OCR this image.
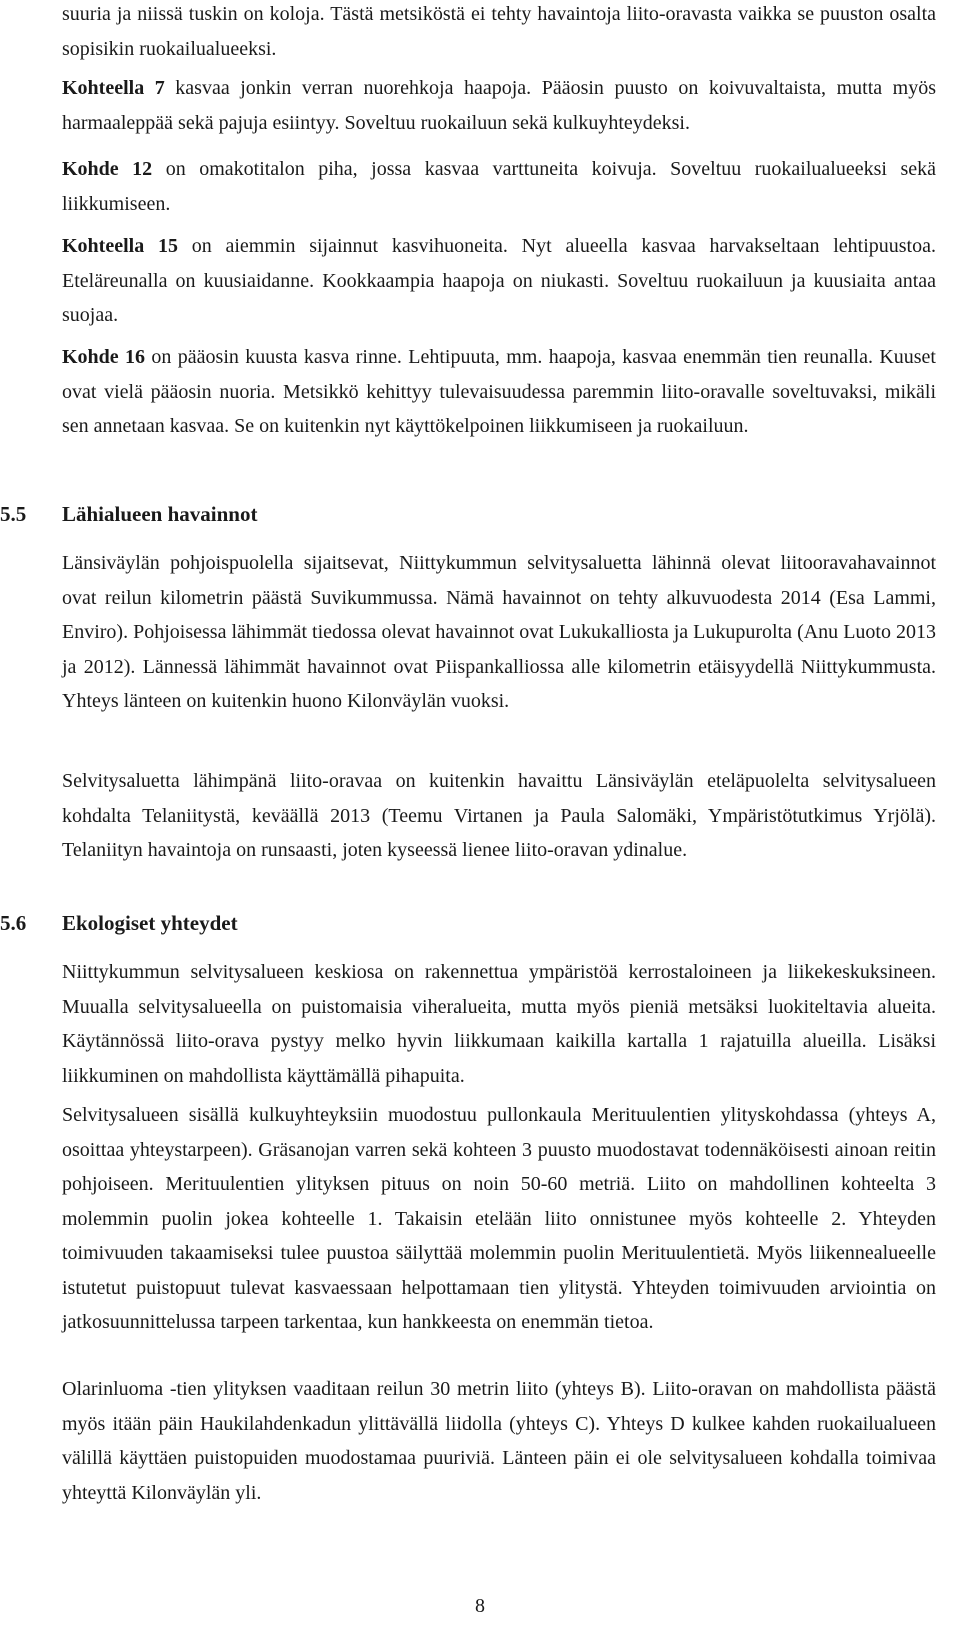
suuria ja niissä tuskin on koloja. Tästä metsiköstä ei tehty havaintoja liito-oravasta vaikka se puuston osalta sopisikin ruokailualueeksi.

Kohteella 7 kasvaa jonkin verran nuorehkoja haapoja. Pääosin puusto on koivuvaltaista, mutta myös harmaaleppää sekä pajuja esiintyy. Soveltuu ruokailuun sekä kulkuyhteydeksi.

Kohde 12 on omakotitalon piha, jossa kasvaa varttuneita koivuja. Soveltuu ruokailualueeksi sekä liikkumiseen.

Kohteella 15 on aiemmin sijainnut kasvihuoneita. Nyt alueella kasvaa harvakseltaan lehtipuustoa. Eteläreunalla on kuusiaidanne. Kookkaampia haapoja on niukasti. Soveltuu ruokailuun ja kuusiaita antaa suojaa.

Kohde 16 on pääosin kuusta kasva rinne. Lehtipuuta, mm. haapoja, kasvaa enemmän tien reunalla. Kuuset ovat vielä pääosin nuoria. Metsikkö kehittyy tulevaisuudessa paremmin liito-oravalle soveltuvaksi, mikäli sen annetaan kasvaa. Se on kuitenkin nyt käyttökelpoinen liikkumiseen ja ruokailuun.

5.5 Lähialueen havainnot

Länsiväylän pohjoispuolella sijaitsevat, Niittykummun selvitysaluetta lähinnä olevat liitooravahavainnot ovat reilun kilometrin päästä Suvikummussa. Nämä havainnot on tehty alkuvuodesta 2014 (Esa Lammi, Enviro). Pohjoisessa lähimmät tiedossa olevat havainnot ovat Lukukalliosta ja Lukupurolta (Anu Luoto 2013 ja 2012). Lännessä lähimmät havainnot ovat Piispankalliossa alle kilometrin etäisyydellä Niittykummusta. Yhteys länteen on kuitenkin huono Kilonväylän vuoksi.

Selvitysaluetta lähimpänä liito-oravaa on kuitenkin havaittu Länsiväylän eteläpuolelta selvitysalueen kohdalta Telaniitystä, keväällä 2013 (Teemu Virtanen ja Paula Salomäki, Ympäristötutkimus Yrjölä). Telaniityn havaintoja on runsaasti, joten kyseessä lienee liito-oravan ydinalue.

5.6 Ekologiset yhteydet

Niittykummun selvitysalueen keskiosa on rakennettua ympäristöä kerrostaloineen ja liikekeskuksineen. Muualla selvitysalueella on puistomaisia viheralueita, mutta myös pieniä metsäksi luokiteltavia alueita. Käytännössä liito-orava pystyy melko hyvin liikkumaan kaikilla kartalla 1 rajatuilla alueilla. Lisäksi liikkuminen on mahdollista käyttämällä pihapuita.

Selvitysalueen sisällä kulkuyhteyksiin muodostuu pullonkaula Merituulentien ylityskohdassa (yhteys A, osoittaa yhteystarpeen). Gräsanojan varren sekä kohteen 3 puusto muodostavat todennäköisesti ainoan reitin pohjoiseen. Merituulentien ylityksen pituus on noin 50-60 metriä. Liito on mahdollinen kohteelta 3 molemmin puolin jokea kohteelle 1. Takaisin etelään liito onnistunee myös kohteelle 2. Yhteyden toimivuuden takaamiseksi tulee puustoa säilyttää molemmin puolin Merituulentietä. Myös liikennealueelle istutetut puistopuut tulevat kasvaessaan helpottamaan tien ylitystä. Yhteyden toimivuuden arviointia on jatkosuunnittelussa tarpeen tarkentaa, kun hankkeesta on enemmän tietoa.

Olarinluoma -tien ylityksen vaaditaan reilun 30 metrin liito (yhteys B). Liito-oravan on mahdollista päästä myös itään päin Haukilahdenkadun ylittävällä liidolla (yhteys C). Yhteys D kulkee kahden ruokailualueen välillä käyttäen puistopuiden muodostamaa puuriviä. Länteen päin ei ole selvitysalueen kohdalla toimivaa yhteyttä Kilonväylän yli.

8
